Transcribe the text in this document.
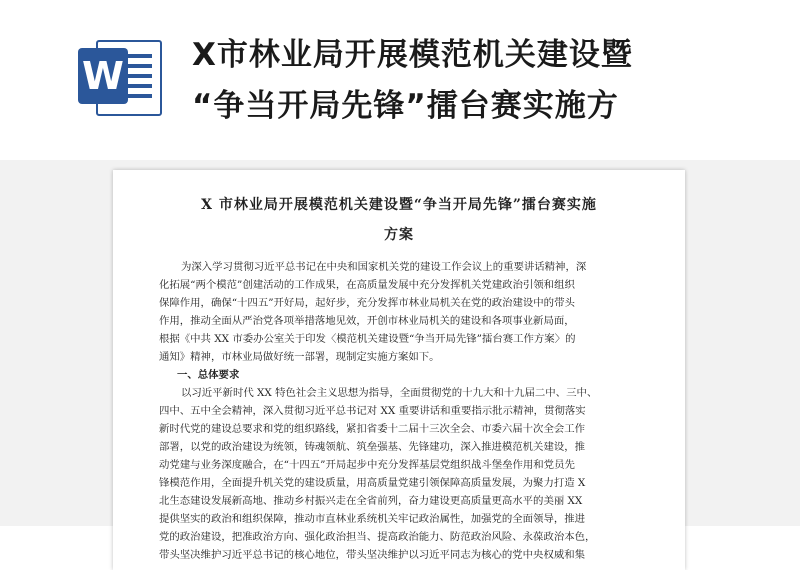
W X市林业局开展模范机关建设暨
“争当开局先锋”擂台赛实施方
X 市林业局开展模范机关建设暨“争当开局先锋”擂台赛实施
方案

为深入学习贯彻习近平总书记在中央和国家机关党的建设工作会议上的重要讲话精神，深
化拓展“两个模范”创建活动的工作成果，在高质量发展中充分发挥机关党建政治引领和组织
保障作用，确保“十四五”开好局，起好步，充分发挥市林业局机关在党的政治建设中的带头
作用，推动全面从严治党各项举措落地见效，开创市林业局机关的建设和各项事业新局面，
根据《中共 XX 市委办公室关于印发〈模范机关建设暨“争当开局先锋”擂台赛工作方案〉的
通知》精神，市林业局做好统一部署，现制定实施方案如下。

一、总体要求

以习近平新时代 XX 特色社会主义思想为指导，全面贯彻党的十九大和十九届二中、三中、
四中、五中全会精神，深入贯彻习近平总书记对 XX 重要讲话和重要指示批示精神，贯彻落实
新时代党的建设总要求和党的组织路线，紧扣省委十二届十三次全会、市委六届十次全会工作
部署，以党的政治建设为统领，铸魂领航、筑垒强基、先锋建功，深入推进模范机关建设，推
动党建与业务深度融合，在“十四五”开局起步中充分发挥基层党组织战斗堡垒作用和党员先
锋模范作用，全面提升机关党的建设质量，用高质量党建引领保障高质量发展，为聚力打造 X
北生态建设发展新高地、推动乡村振兴走在全省前列，奋力建设更高质量更高水平的美丽 XX
提供坚实的政治和组织保障，推动市直林业系统机关牢记政治属性，加强党的全面领导，推进
党的政治建设，把准政治方向、强化政治担当、提高政治能力、防范政治风险、永葆政治本色，
带头坚决维护习近平总书记的核心地位，带头坚决维护以习近平同志为核心的党中央权威和集
